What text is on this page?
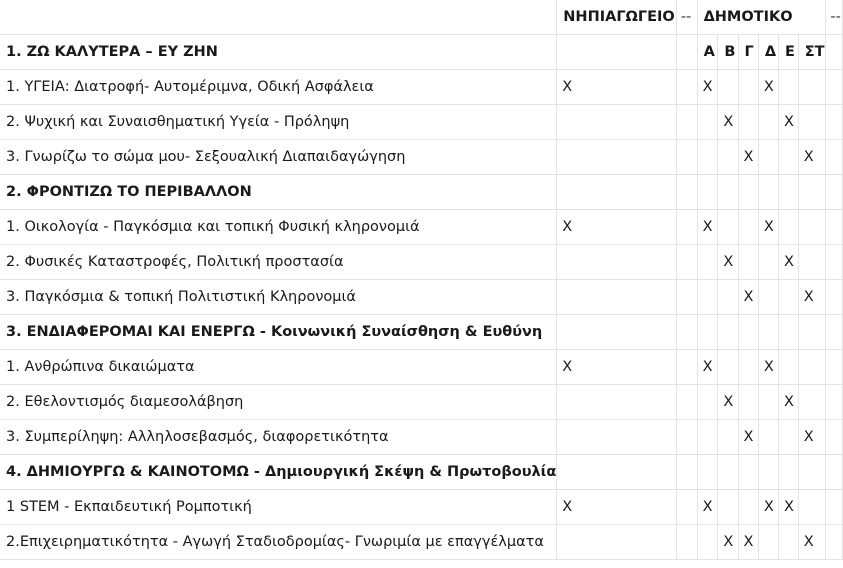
	ΝΗΠΙΑΓΩΓΕΙΟ	--	ΔΗΜΟΤΙΚΟ						--
1. ΖΩ ΚΑΛΥΤΕΡΑ – ΕΥ ΖΗΝ			Α	Β	Γ	Δ	Ε	ΣΤ	
1. ΥΓΕΙΑ: Διατροφή- Αυτομέριμνα, Οδική Ασφάλεια	X		X			X			
2. Ψυχική και Συναισθηματική Υγεία - Πρόληψη				X			X		
3. Γνωρίζω το σώμα μου- Σεξουαλική Διαπαιδαγώγηση					X			X	
2. ΦΡΟΝΤΙΖΩ ΤΟ ΠΕΡΙΒΑΛΛΟΝ									
1. Οικολογία - Παγκόσμια και τοπική Φυσική κληρονομιά	X		X			X			
2. Φυσικές Καταστροφές, Πολιτική προστασία				X			X		
3. Παγκόσμια & τοπική Πολιτιστική Κληρονομιά					X			X	
3. ΕΝΔΙΑΦΕΡΟΜΑΙ ΚΑΙ ΕΝΕΡΓΩ - Κοινωνική Συναίσθηση & Ευθύνη									
1. Ανθρώπινα δικαιώματα	X		X			X			
2. Εθελοντισμός διαμεσολάβηση				X			X		
3. Συμπερίληψη: Αλληλοσεβασμός, διαφορετικότητα					X			X	
4. ΔΗΜΙΟΥΡΓΩ & ΚΑΙΝΟΤΟΜΩ - Δημιουργική Σκέψη & Πρωτοβουλία									
1 STEM - Εκπαιδευτική Ρομποτική	X		X			X	X		
2.Επιχειρηματικότητα - Αγωγή Σταδιοδρομίας- Γνωριμία με επαγγέλματα				X	X			X	
